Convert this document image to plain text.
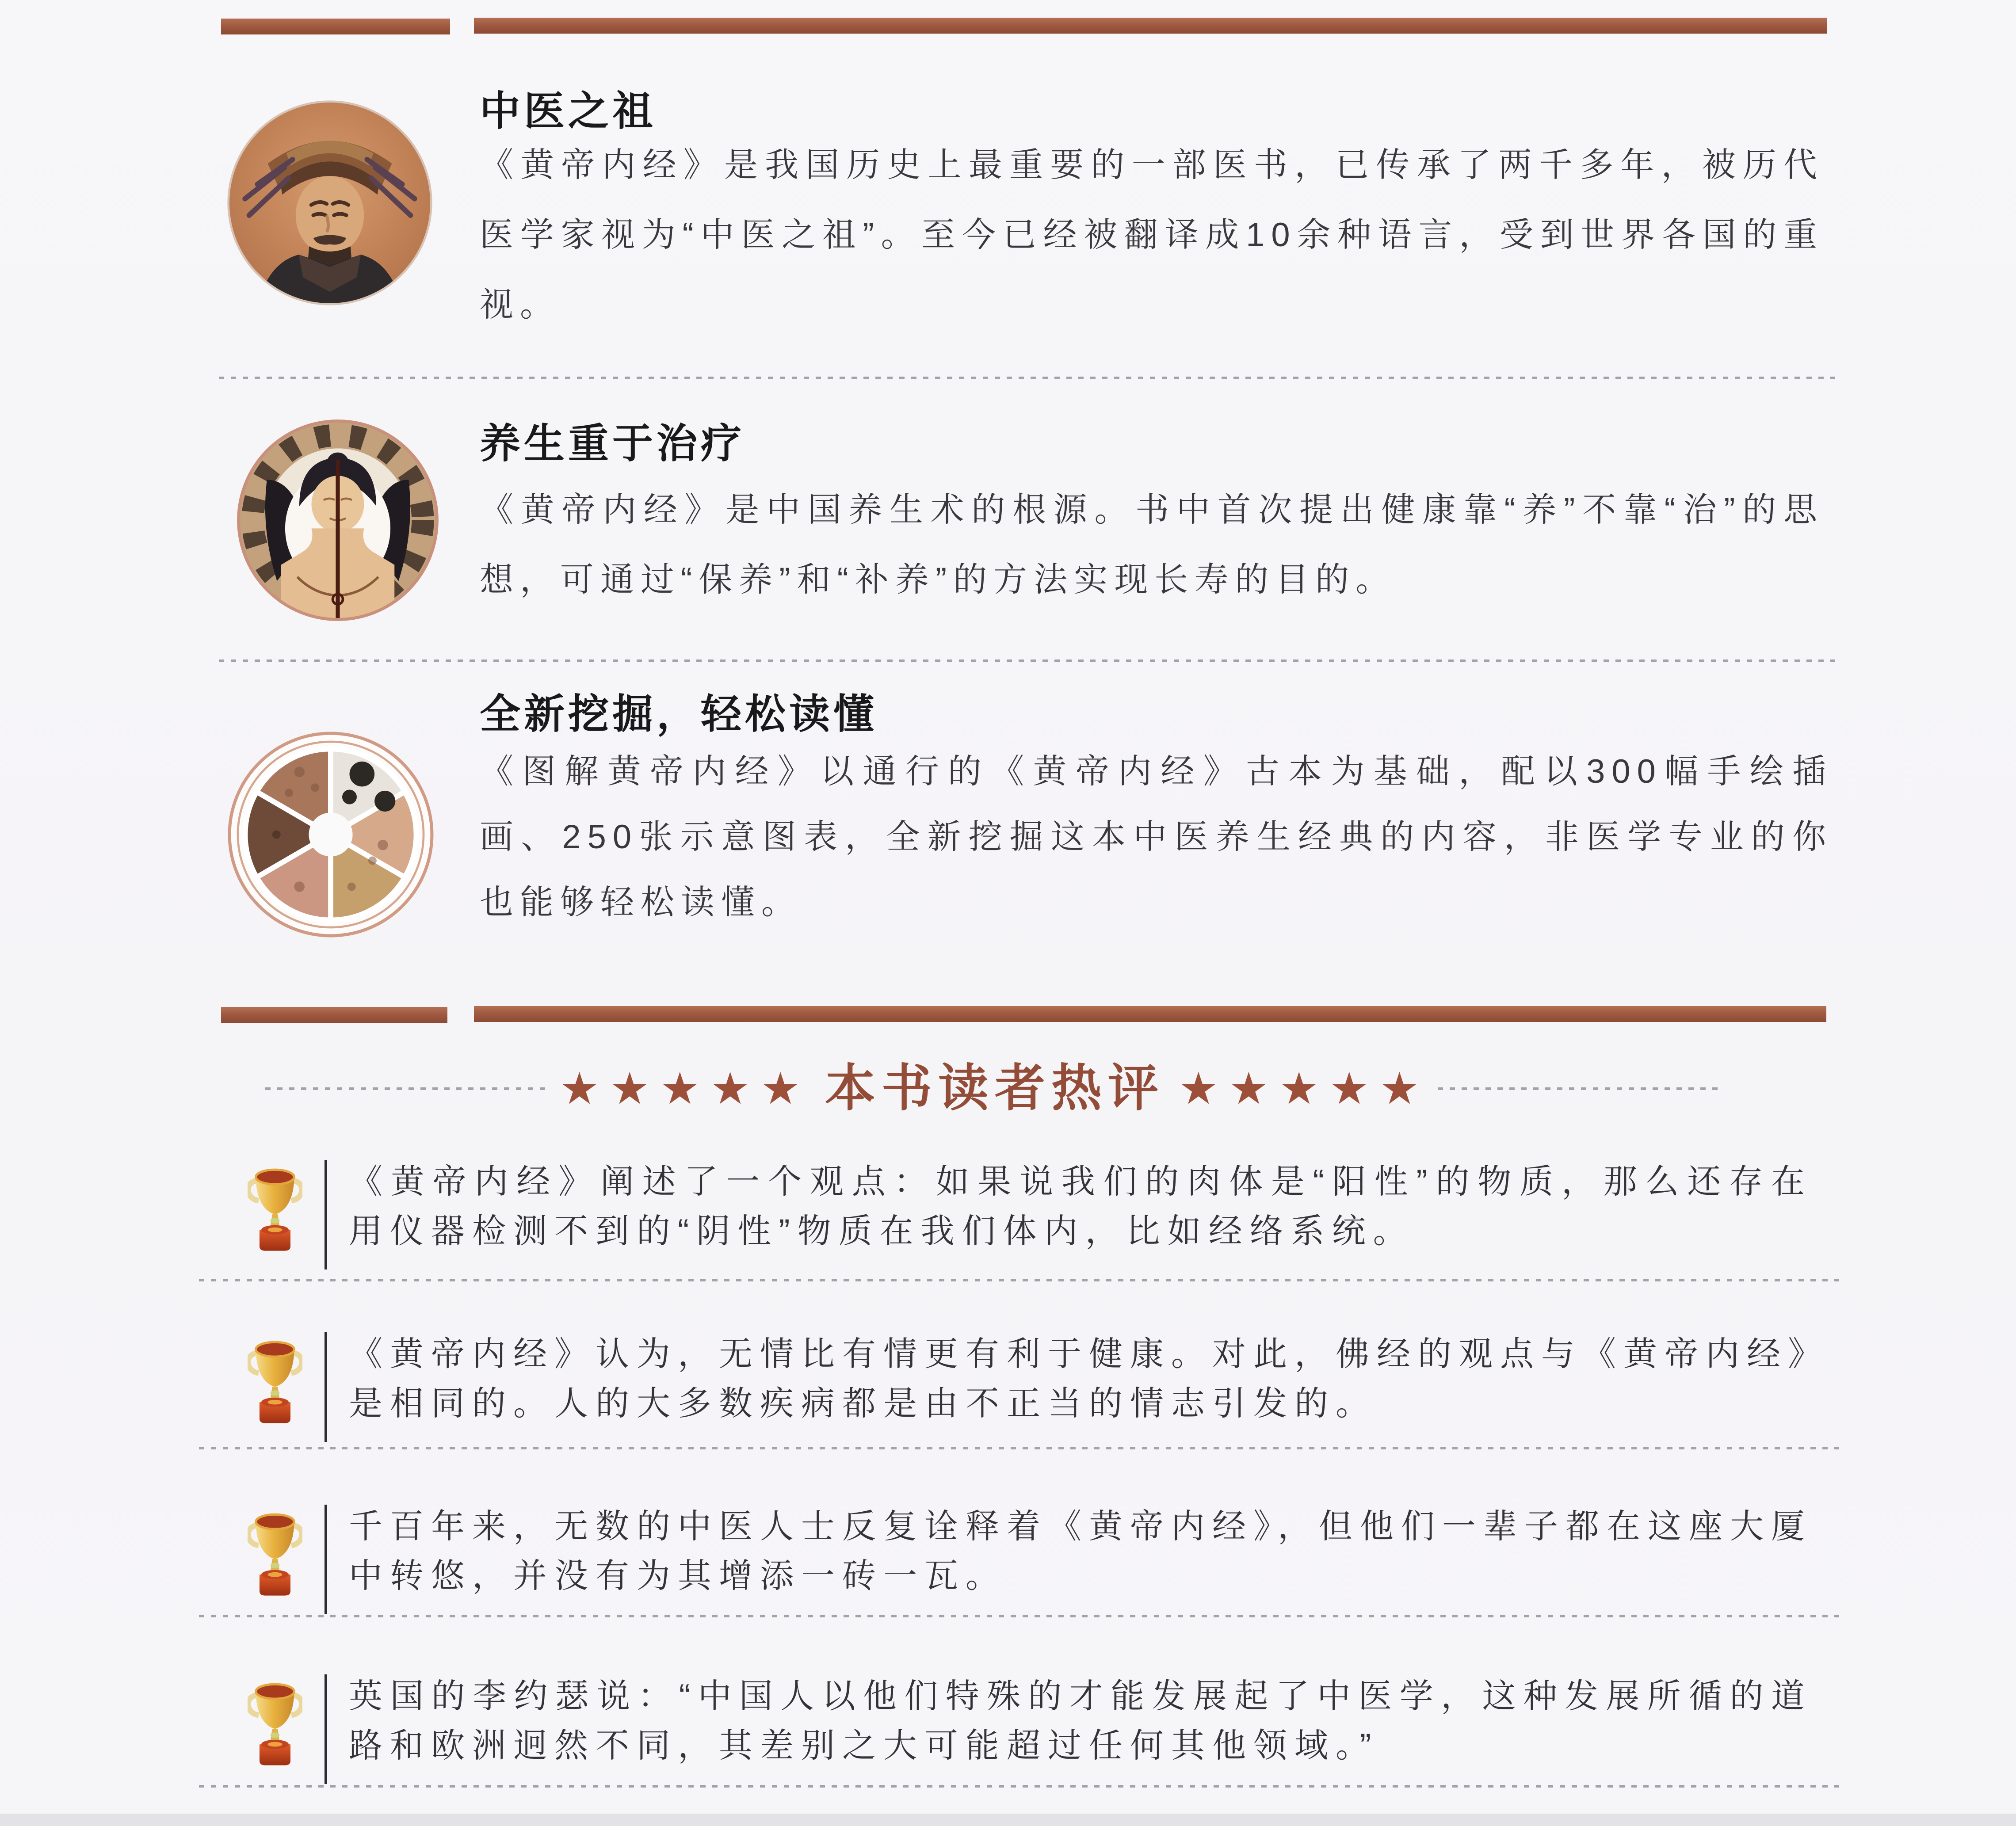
中医之祖

《黄帝内经》是我国历史上最重要的一部医书，已传承了两千多年，被历代医学家视为“中医之祖”。至今已经被翻译成10余种语言，受到世界各国的重视。

养生重于治疗

《黄帝内经》是中国养生术的根源。书中首次提出健康靠“养”不靠“治”的思想，可通过“保养”和“补养”的方法实现长寿的目的。

全新挖掘，轻松读懂

《图解黄帝内经》以通行的《黄帝内经》古本为基础，配以300幅手绘插画、250张示意图表，全新挖掘这本中医养生经典的内容，非医学专业的你也能够轻松读懂。

★★★★★ 本书读者热评 ★★★★★

《黄帝内经》阐述了一个观点：如果说我们的肉体是“阳性”的物质，那么还存在用仪器检测不到的“阴性”物质在我们体内，比如经络系统。

《黄帝内经》认为，无情比有情更有利于健康。对此，佛经的观点与《黄帝内经》是相同的。人的大多数疾病都是由不正当的情志引发的。

千百年来，无数的中医人士反复诠释着《黄帝内经》，但他们一辈子都在这座大厦中转悠，并没有为其增添一砖一瓦。

英国的李约瑟说：“中国人以他们特殊的才能发展起了中医学，这种发展所循的道路和欧洲迥然不同，其差别之大可能超过任何其他领域。”
